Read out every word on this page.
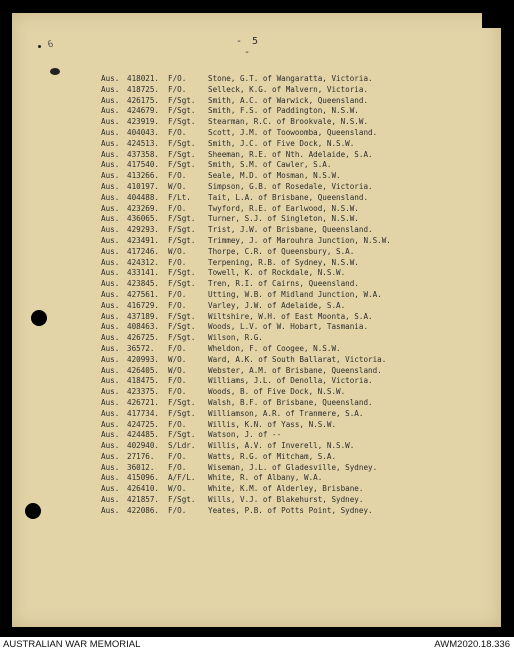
- 5 -
6
Aus. 418021. F/O.	Stone, G.T. of Wangaratta, Victoria.
Aus. 418725. F/O.	Selleck, K.G. of Malvern, Victoria.
Aus. 426175. F/Sgt. Smith, A.C. of Warwick, Queensland.
Aus. 424679. F/Sgt. Smith, F.S. of Paddington, N.S.W.
Aus. 423919. F/Sgt. Stearman, R.C. of Brookvale, N.S.W.
Aus. 404043. F/O.	Scott, J.M. of Toowoomba, Queensland.
Aus. 424513. F/Sgt. Smith, J.C. of Five Dock, N.S.W.
Aus. 437358. F/Sgt. Sheeman, R.E. of Nth. Adelaide, S.A.
Aus. 417540. F/Sgt. Smith, S.M. of Cawler, S.A.
Aus. 413266. F/O.	Seale, M.D. of Mosman, N.S.W.
Aus. 410197. W/O.	Simpson, G.B. of Rosedale, Victoria.
Aus. 404488. F/Lt. Tait, L.A. of Brisbane, Queensland.
Aus. 423269. F/O.	Twyford, R.E. of Earlwood, N.S.W.
Aus. 436065. F/Sgt. Turner, S.J. of Singleton, N.S.W.
Aus. 429293. F/Sgt. Trist, J.W. of Brisbane, Queensland.
Aus. 423491. F/Sgt. Trimmey, J. of Marouhra Junction, N.S.W.
Aus. 417246. W/O.	Thorpe, C.R. of Queensbury, S.A.
Aus. 424312. F/O.	Terpening, R.B. of Sydney, N.S.W.
Aus. 433141. F/Sgt. Towell, K. of Rockdale, N.S.W.
Aus. 423845. F/Sgt. Tren, R.I. of Cairns, Queensland.
Aus. 427561. F/O.	Utting, W.B. of Midland Junction, W.A.
Aus. 416729. F/O.	Varley, J.W. of Adelaide, S.A.
Aus. 437189. F/Sgt. Wiltshire, W.H. of East Moonta, S.A.
Aus. 408463. F/Sgt. Woods, L.V. of W. Hobart, Tasmania.
Aus. 426725. F/Sgt. Wilson, R.G.
Aus. 36572. F/O.	Wheldon, F. of Coogee, N.S.W.
Aus. 420993. W/O.	Ward, A.K. of South Ballarat, Victoria.
Aus. 426405. W/O.	Webster, A.M. of Brisbane, Queensland.
Aus. 418475. F/O.	Williams, J.L. of Denolla, Victoria.
Aus. 423375. F/O.	Woods, B. of Five Dock, N.S.W.
Aus. 426721. F/Sgt. Walsh, B.F. of Brisbane, Queensland.
Aus. 417734. F/Sgt. Williamson, A.R. of Tranmere, S.A.
Aus. 424725. F/O.	Willis, K.N. of Yass, N.S.W.
Aus. 424485. F/Sgt. Watson, J. of --
Aus. 402940. S/Ldr. Willis, A.V. of Inverell, N.S.W.
Aus. 27176. F/O.	Watts, R.G. of Mitcham, S.A.
Aus. 36012. F/O.	Wiseman, J.L. of Gladesville, Sydney.
Aus. 415096. A/F/L. White, R. of Albany, W.A.
Aus. 426410. W/O.	White, K.M. of Alderley, Brisbane.
Aus. 421857. F/Sgt. Wills, V.J. of Blakehurst, Sydney.
Aus. 422086. F/O.	Yeates, P.B. of Potts Point, Sydney.
AUSTRALIAN WAR MEMORIAL	AWM2020.18.336
